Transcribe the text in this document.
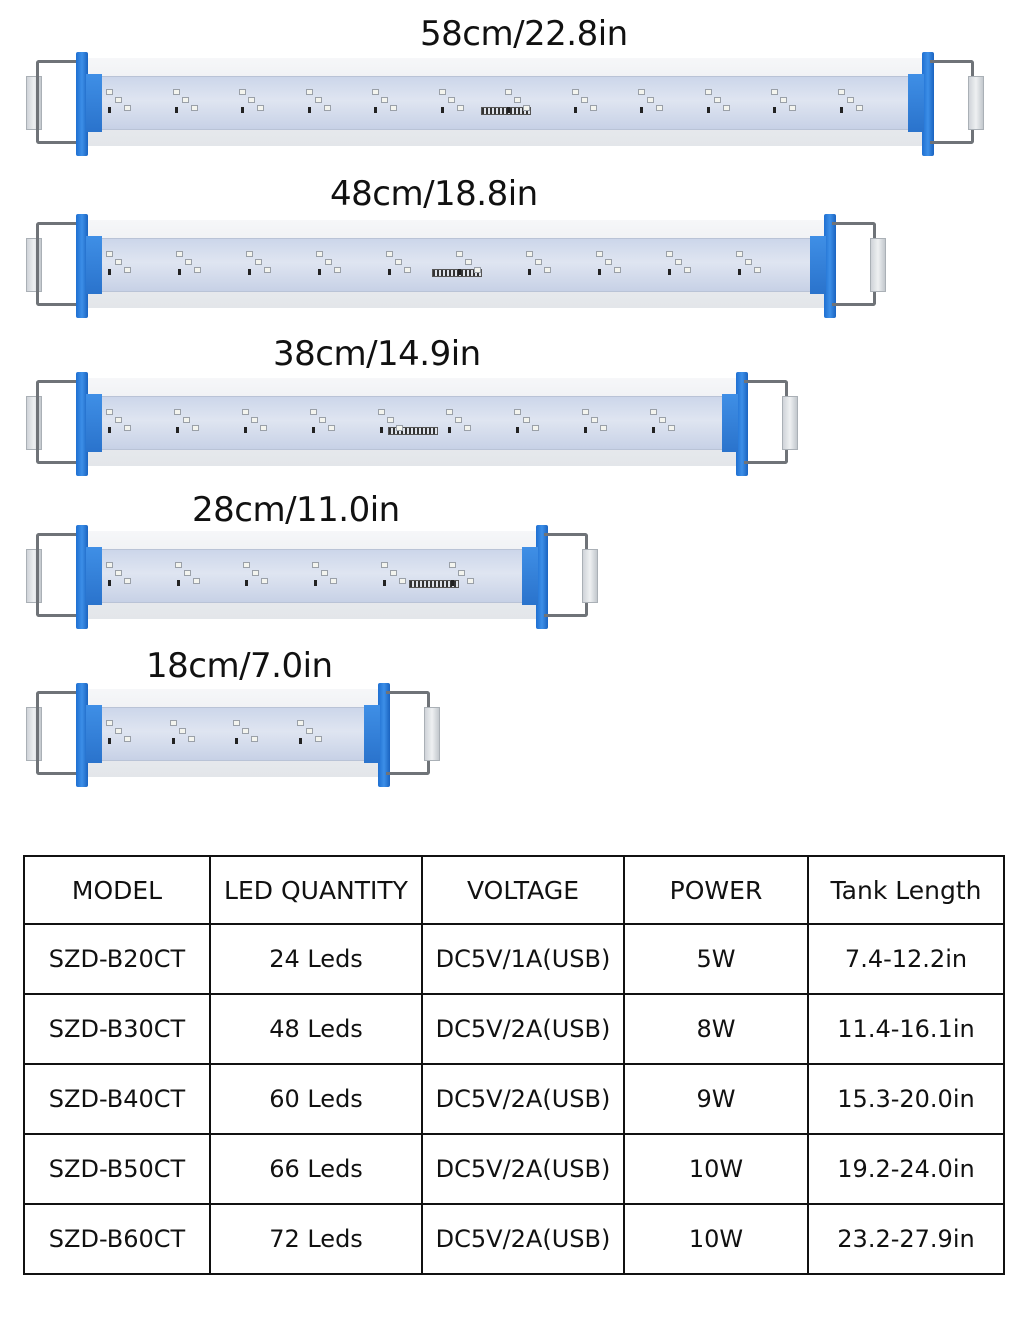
58cm/22.8in
48cm/18.8in
38cm/14.9in
28cm/11.0in
18cm/7.0in
MODEL	LED QUANTITY	VOLTAGE	POWER	Tank Length
SZD-B20CT	24 Leds	DC5V/1A(USB)	5W	7.4-12.2in
SZD-B30CT	48 Leds	DC5V/2A(USB)	8W	11.4-16.1in
SZD-B40CT	60 Leds	DC5V/2A(USB)	9W	15.3-20.0in
SZD-B50CT	66 Leds	DC5V/2A(USB)	10W	19.2-24.0in
SZD-B60CT	72 Leds	DC5V/2A(USB)	10W	23.2-27.9in
